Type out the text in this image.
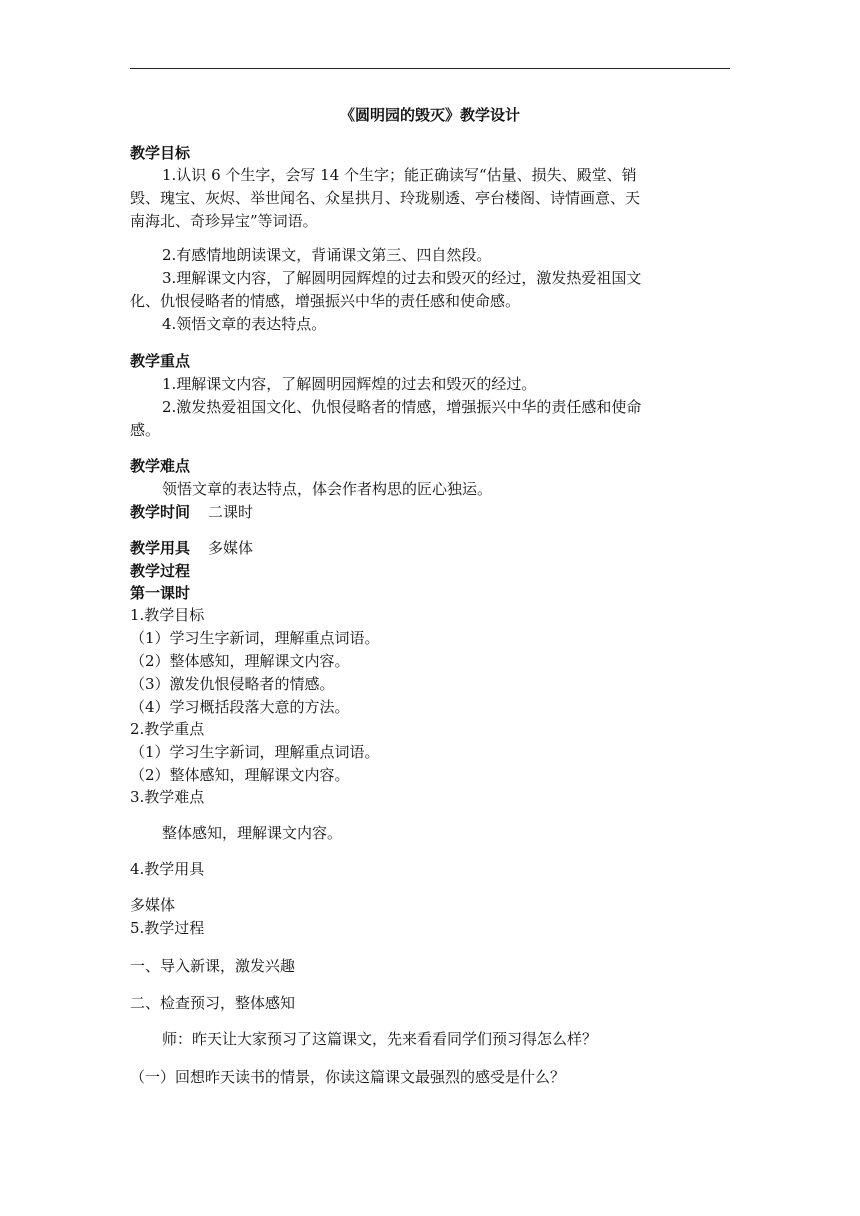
《圆明园的毁灭》教学设计
教学目标
1.认识 6 个生字，会写 14 个生字；能正确读写“估量、损失、殿堂、销
毁、瑰宝、灰烬、举世闻名、众星拱月、玲珑剔透、亭台楼阁、诗情画意、天
南海北、奇珍异宝”等词语。
2.有感情地朗读课文，背诵课文第三、四自然段。
3.理解课文内容，了解圆明园辉煌的过去和毁灭的经过，激发热爱祖国文
化、仇恨侵略者的情感，增强振兴中华的责任感和使命感。
4.领悟文章的表达特点。
教学重点
1.理解课文内容，了解圆明园辉煌的过去和毁灭的经过。
2.激发热爱祖国文化、仇恨侵略者的情感，增强振兴中华的责任感和使命
感。
教学难点
领悟文章的表达特点，体会作者构思的匠心独运。
教学时间 二课时
教学用具 多媒体
教学过程
第一课时
1.教学目标
（1）学习生字新词，理解重点词语。
（2）整体感知，理解课文内容。
（3）激发仇恨侵略者的情感。
（4）学习概括段落大意的方法。
2.教学重点
（1）学习生字新词，理解重点词语。
（2）整体感知，理解课文内容。
3.教学难点
整体感知，理解课文内容。
4.教学用具
多媒体
5.教学过程
一、导入新课，激发兴趣
二、检查预习，整体感知
师：昨天让大家预习了这篇课文，先来看看同学们预习得怎么样？
（一）回想昨天读书的情景，你读这篇课文最强烈的感受是什么？
